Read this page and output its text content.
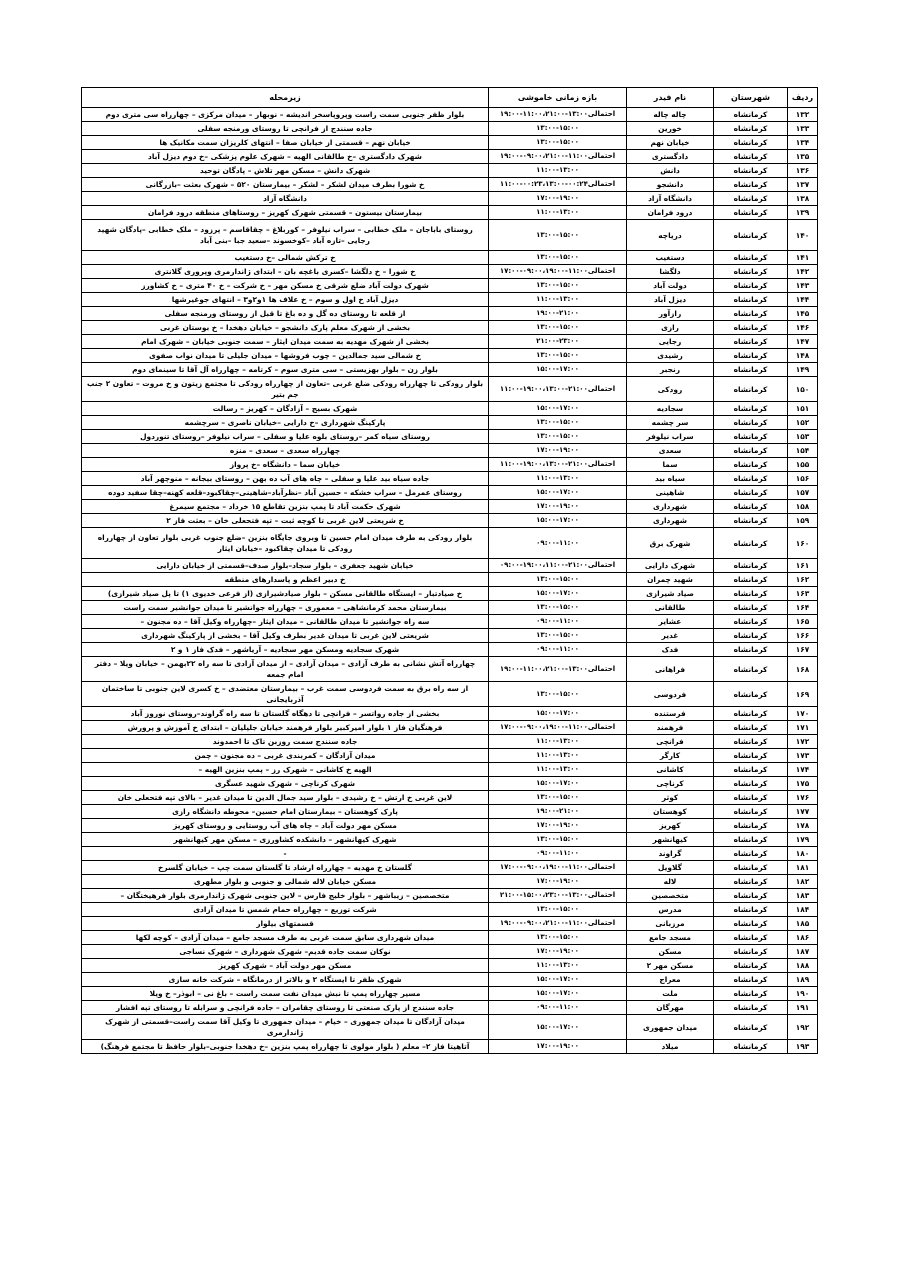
ردیف	شهرستان	نام فیدر	بازه زمانی خاموشی	زیرمحله
۱۳۲	کرمانشاه	چاله چاله	احتمالی۱۳:۰۰-۱۱:۰۰،۲۱:۰۰-۱۹:۰۰	بلوار ظفر جنوبی سمت راست وپروپاسخر اندیشه – نوبهار – میدان مرکزی – چهارراه سی متری دوم
۱۳۳	کرمانشاه	خورین	۱۳:۰۰-۱۵:۰۰	جاده سنندج از فرانچی تا روستای ورمنجه سفلی
۱۳۴	کرمانشاه	خیابان نهم	۱۳:۰۰-۱۵:۰۰	خیابان نهم – قسمتی از خیابان صفا – انتهای کلریزان سمت مکانیک ها
۱۳۵	کرمانشاه	دادگستری	احتمالی۱۱:۰۰-۰۹:۰۰،۲۱:۰۰-۱۹:۰۰	شهرک دادگستری –خ طالقانی الهیه – شهرک علوم پزشکی –خ دوم دیزل آباد
۱۳۶	کرمانشاه	دانش	۱۱:۰۰-۱۳:۰۰	شهرک دانش – مسکن مهر تلاش – پادگان توحید
۱۳۷	کرمانشاه	دانشجو	احتمالی۰۰:۲۴-۰۰:۲۳،۱۳:۰۰-۱۱:۰۰	خ شورا بطرف میدان لشکر – لشکر – بیمارستان ۵۲۰ – شهرک بعثت –بازرگانی
۱۳۸	کرمانشاه	دانشگاه آزاد	۱۷:۰۰-۱۹:۰۰	دانشگاه آزاد
۱۳۹	کرمانشاه	درود فرامان	۱۱:۰۰-۱۳:۰۰	بیمارستان بیستون – قسمتی شهرک کهریز – روستاهای منطقه درود فرامان
۱۴۰	کرمانشاه	دریاچه	۱۳:۰۰-۱۵:۰۰	روستای باباجان – ملک خطابی – سراب نیلوفر – کوربلاغ – چقاقاسم – پرزود – ملک خطابی –پادگان شهید رجایی –تازه آباد –کوخسوند –سعید جبا –بنی آباد
۱۴۱	کرمانشاه	دستغیب	۱۳:۰۰-۱۵:۰۰	خ ترکش شمالی –خ دستغیب
۱۴۲	کرمانشاه	دلگشا	احتمالی۱۱:۰۰-۰۹:۰۰،۱۹:۰۰-۱۷:۰۰	خ شورا – خ دلگشا –کسری باغچه بان – ابتدای ژاندارمری وپروری گلانتری
۱۴۳	کرمانشاه	دولت آباد	۱۳:۰۰-۱۵:۰۰	شهرک دولت آباد ضلع شرقی خ مسکن مهر – خ شرکت – خ ۴۰ متری – خ کشاورز
۱۴۴	کرمانشاه	دیزل آباد	۱۱:۰۰-۱۳:۰۰	دیزل آباد خ اول و سوم – خ علاف ها ۱و۲و۳ – انتهای جوغیرشها
۱۴۵	کرمانشاه	رازآور	۱۹:۰۰-۲۱:۰۰	از قلعه تا روستای ده گل و ده باغ تا قبل از روستای ورمنجه سفلی
۱۴۶	کرمانشاه	رازی	۱۳:۰۰-۱۵:۰۰	بخشی از شهرک معلم پارک دانشجو – خیابان دهخدا – خ بوستان غربی
۱۴۷	کرمانشاه	رجایی	۲۱:۰۰-۲۳:۰۰	بخشی از شهرک مهدیه به سمت میدان ایثار – سمت جنوبی خیابان – شهرک امام
۱۴۸	کرمانشاه	رشیدی	۱۳:۰۰-۱۵:۰۰	خ شمالی سید جمالدین – چوب فروشها – میدان جلیلی تا میدان نواب صفوی
۱۴۹	کرمانشاه	رنجبر	۱۵:۰۰-۱۷:۰۰	بلوار زن – بلوار بهزیستی – سی متری سوم – کرتامه – چهارراه آل آقا تا سینمای دوم
۱۵۰	کرمانشاه	رودکی	احتمالی۲۱:۰۰-۱۹:۰۰،۱۳:۰۰-۱۱:۰۰	بلوار رودکی تا چهارراه رودکی ضلع غربی –تعاون از چهارراه رودکی تا مجتمع زیتون و خ مروت – تعاون ۲ جنب جم بتیر
۱۵۱	کرمانشاه	سجادیه	۱۵:۰۰-۱۷:۰۰	شهرک بسیج – آزادگان – کهریز – رسالت
۱۵۲	کرمانشاه	سر چشمه	۱۳:۰۰-۱۵:۰۰	پارکینگ شهرداری –خ دارایی –خیابان ناصری – سرچشمه
۱۵۳	کرمانشاه	سراب نیلوفر	۱۳:۰۰-۱۵:۰۰	روستای سیاه کمر –روستای بلوه علیا و سفلی – سراب نیلوفر –روستای تنوردول
۱۵۴	کرمانشاه	سعدی	۱۷:۰۰-۱۹:۰۰	چهارراه سعدی – سعدی – منزه
۱۵۵	کرمانشاه	سما	احتمالی۲۱:۰۰-۱۹:۰۰،۱۳:۰۰-۱۱:۰۰	خیابان سما – دانشگاه –خ پرواز
۱۵۶	کرمانشاه	سیاه بید	۱۱:۰۰-۱۳:۰۰	جاده سیاه بید علیا و سفلی – چاه های آب ده بهن – روستای بیجانه – منوچهر آباد
۱۵۷	کرمانشاه	شاهینی	۱۵:۰۰-۱۷:۰۰	روستای عمرمل – سراب خشکه – حسین آباد –نظرآباد–شاهینی–چقاکبود–قلعه کهنه–چقا سفید دوده
۱۵۸	کرمانشاه	شهرداری	۱۷:۰۰-۱۹:۰۰	شهرک حکمت آباد تا پمپ بنزین تقاطع ۱۵ خرداد – مجتمع سیمرغ
۱۵۹	کرمانشاه	شهرداری	۱۵:۰۰-۱۷:۰۰	خ شریعتی لاین غربی تا کوچه ثبت – تپه فتحعلی خان – بعثت فاز ۲
۱۶۰	کرمانشاه	شهرک برق	۰۹:۰۰-۱۱:۰۰	بلوار رودکی به طرف میدان امام حسین تا وبروی جایگاه بنزین –ضلع جنوب غربی بلوار تعاون از چهارراه رودکی تا میدان چقاکبود –خیابان ایثار
۱۶۱	کرمانشاه	شهرک دارایی	احتمالی۲۱:۰۰-۱۹:۰۰،۱۱:۰۰-۰۹:۰۰	خیابان شهید جعفری – بلوار سجاد–بلوار صدف–قسمتی از خیابان دارایی
۱۶۲	کرمانشاه	شهید چمران	۱۳:۰۰-۱۵:۰۰	خ دبیر اعظم و پاسدارهای منطقه
۱۶۳	کرمانشاه	صیاد شیرازی	۱۵:۰۰-۱۷:۰۰	خ صیادتبار – ایستگاه طالقانی مسکن – بلوار صیادشیرازی (از فرعی خدیوی ۱) تا پل صیاد شیرازی)
۱۶۴	کرمانشاه	طالقانی	۱۳:۰۰-۱۵:۰۰	بیمارستان محمد کرمانشاهی – معموری – چهارراه جوانشیر تا میدان جوانشیر سمت راست
۱۶۵	کرمانشاه	عشایر	۰۹:۰۰-۱۱:۰۰	سه راه جوانشیر تا میدان طالقانی – میدان ایثار –چهارراه وکیل آقا – ده مجنون –
۱۶۶	کرمانشاه	غدیر	۱۳:۰۰-۱۵:۰۰	شریعتی لاین غربی تا میدان غدیر بطرف وکیل آقا – بخشی از پارکینگ شهرداری
۱۶۷	کرمانشاه	فدک	۰۹:۰۰-۱۱:۰۰	شهرک سجادیه ومسکن مهر سجادیه – آریاشهر – فدک فاز ۱ و ۲
۱۶۸	کرمانشاه	فراهانی	احتمالی۱۳:۰۰-۱۱:۰۰،۲۱:۰۰-۱۹:۰۰	چهارراه آتش نشانی به طرف آزادی – میدان آزادی – از میدان آزادی تا سه راه ۲۲بهمن – خیابان ویلا – دفتر امام جمعه
۱۶۹	کرمانشاه	فردوسی	۱۳:۰۰-۱۵:۰۰	از سه راه برق به سمت فردوسی سمت غرب – بیمارستان معتضدی – خ کسری لاین جنوبی تا ساختمان آذربایجانی
۱۷۰	کرمانشاه	فرستنده	۱۵:۰۰-۱۷:۰۰	بخشی از جاده رواتسر – فرانچی تا دهگاه گلستان تا سه راه گراوند–روستای نوروز آباد
۱۷۱	کرمانشاه	فرهمند	احتمالی۱۱:۰۰-۰۹:۰۰،۱۹:۰۰-۱۷:۰۰	فرهنگیان فاز ۱ بلوار امیرکبیر بلوار فرهمند خیابان جلیلیان – ابتدای خ آموزش و پرورش
۱۷۲	کرمانشاه	فرانچی	۱۱:۰۰-۱۳:۰۰	جاده سنندج سمت روزبن تاک تا احمدوند
۱۷۳	کرمانشاه	کارگر	۱۱:۰۰-۱۳:۰۰	میدان آزادگان – کمربندی غربی – ده مجنون – چمن
۱۷۴	کرمانشاه	کاشانی	۱۱:۰۰-۱۳:۰۰	الهیه خ کاشانی – شهرک رز – پمپ بنزین الهیه –
۱۷۵	کرمانشاه	کرناچی	۱۵:۰۰-۱۷:۰۰	شهرک کرناچی – شهرک شهید عسگری
۱۷۶	کرمانشاه	کوثر	۱۳:۰۰-۱۵:۰۰	لاین غربی خ ارتش – خ رشیدی – بلوار سید جمال الدین تا میدان غدیر – بالای تپه فتحعلی خان
۱۷۷	کرمانشاه	کوهستان	۱۹:۰۰-۲۱:۰۰	پارک کوهستان – بیمارستان امام حسین– محوطه دانشگاه رازی
۱۷۸	کرمانشاه	کهریز	۱۷:۰۰-۱۹:۰۰	مسکن مهر دولت آباد – چاه های آب روستایی و روستای کهریز
۱۷۹	کرمانشاه	کیهانشهر	۱۳:۰۰-۱۵:۰۰	شهرک کیهانشهر – دانشکده کشاورزی – مسکن مهر کیهانشهر
۱۸۰	کرمانشاه	گراوند	۰۹:۰۰-۱۱:۰۰	-
۱۸۱	کرمانشاه	گلاویل	احتمالی۱۱:۰۰-۰۹:۰۰،۱۹:۰۰-۱۷:۰۰	گلستان خ مهدیه – چهارراه ارشاد تا گلستان سمت چپ – خیابان گلسرخ
۱۸۲	کرمانشاه	لاله	۱۷:۰۰-۱۹:۰۰	مسکن خیابان لاله شمالی و جنوبی و بلوار مطهری
۱۸۳	کرمانشاه	متخصصین	احتمالی۱۳:۰۰-۱۵:۰۰،۲۳:۰۰-۲۱:۰۰	متخصصین – زیباشهر – بلوار خلیج فارس – لاین جنوبی شهرک ژاندارمری بلوار فرهیختگان –
۱۸۴	کرمانشاه	مدرس	۱۳:۰۰-۱۵:۰۰	شرکت توزیع – چهارراه حمام شمس تا میدان آزادی
۱۸۵	کرمانشاه	مرزبانی	احتمالی۱۱:۰۰-۰۹:۰۰،۲۱:۰۰-۱۹:۰۰	قسمتهای بیلوار
۱۸۶	کرمانشاه	مسجد جامع	۱۳:۰۰-۱۵:۰۰	میدان شهرداری سابق سمت غربی به طرف مسجد جامع – میدان آزادی – کوچه لکها
۱۸۷	کرمانشاه	مسکن	۱۷:۰۰-۱۹:۰۰	نوکان سمت جاده قدیم– شهرک شهرداری – شهرک نساجی
۱۸۸	کرمانشاه	مسکن مهر ۲	۱۱:۰۰-۱۳:۰۰	مسکن مهر دولت آباد – شهرک کهریز
۱۸۹	کرمانشاه	معراج	۱۵:۰۰-۱۷:۰۰	شهرک ظفر تا ایستگاه ۲ و بالاتر از درمانگاه – شرکت خانه سازی
۱۹۰	کرمانشاه	ملت	۱۵:۰۰-۱۷:۰۰	مسیر چهارراه پمپ تا نبش میدان نفت سمت راست – باغ نی – ابوذر– خ ویلا
۱۹۱	کرمانشاه	مهرگان	۰۹:۰۰-۱۱:۰۰	جاده سنندج از پارک صنعتی تا روستای چقامران – جاده فرانچی و سرابله تا روستای تپه افشار
۱۹۲	کرمانشاه	میدان جمهوری	۱۵:۰۰-۱۷:۰۰	میدان آزادگان تا میدان جمهوری – خیام – میدان جمهوری تا وکیل آقا سمت راست–قسمتی از شهرک ژاندارمری
۱۹۳	کرمانشاه	میلاد	۱۷:۰۰-۱۹:۰۰	آتاهیتا فاز ۲– معلم ( بلوار مولوی تا چهارراه پمپ بنزین –خ دهخدا جنوبی–بلوار حافظ تا مجتمع فرهنگ)
